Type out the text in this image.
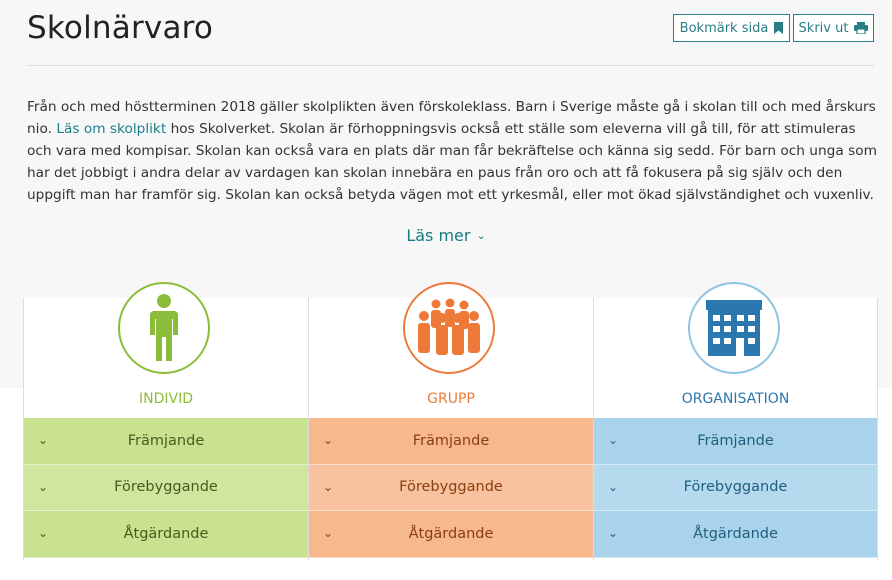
Skolnärvaro	Bokmärk sida Skriv ut

Från och med höstterminen 2018 gäller skolplikten även förskoleklass. Barn i Sverige måste gå i skolan till och med årskurs nio. Läs om skolplikt hos Skolverket. Skolan är förhoppningsvis också ett ställe som eleverna vill gå till, för att stimuleras och vara med kompisar. Skolan kan också vara en plats där man får bekräftelse och känna sig sedd. För barn och unga som har det jobbigt i andra delar av vardagen kan skolan innebära en paus från oro och att få fokusera på sig själv och den uppgift man har framför sig. Skolan kan också betyda vägen mot ett yrkesmål, eller mot ökad självständighet och vuxenliv.

Läs mer ⌄
INDIVID
⌄	Främjande
⌄	Förebyggande
⌄	Åtgärdande
GRUPP
⌄	Främjande
⌄	Förebyggande
⌄	Åtgärdande
ORGANISATION
⌄	Främjande
⌄	Förebyggande
⌄	Åtgärdande
